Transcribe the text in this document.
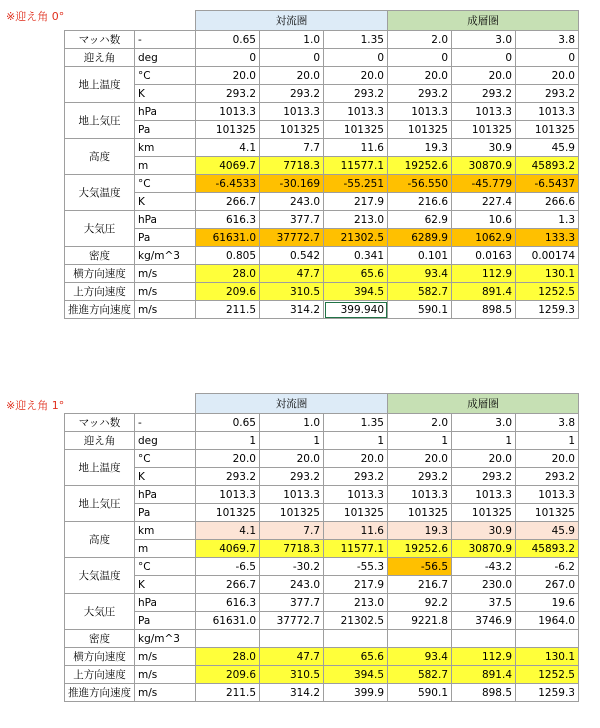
※迎え角 0°
			対流圏			成層圏		
マッハ数	-	0.65	1.0	1.35	2.0	3.0	3.8
迎え角	deg	0	0	0	0	0	0
地上温度	°C	20.0	20.0	20.0	20.0	20.0	20.0
	K	293.2	293.2	293.2	293.2	293.2	293.2
地上気圧	hPa	1013.3	1013.3	1013.3	1013.3	1013.3	1013.3
	Pa	101325	101325	101325	101325	101325	101325
高度	km	4.1	7.7	11.6	19.3	30.9	45.9
	m	4069.7	7718.3	11577.1	19252.6	30870.9	45893.2
大気温度	°C	-6.4533	-30.169	-55.251	-56.550	-45.779	-6.5437
	K	266.7	243.0	217.9	216.6	227.4	266.6
大気圧	hPa	616.3	377.7	213.0	62.9	10.6	1.3
	Pa	61631.0	37772.7	21302.5	6289.9	1062.9	133.3
密度	kg/m^3	0.805	0.542	0.341	0.101	0.0163	0.00174
横方向速度	m/s	28.0	47.7	65.6	93.4	112.9	130.1
上方向速度	m/s	209.6	310.5	394.5	582.7	891.4	1252.5
推進方向速度	m/s	211.5	314.2	399.940	590.1	898.5	1259.3
※迎え角 1°
			対流圏			成層圏		
マッハ数	-	0.65	1.0	1.35	2.0	3.0	3.8
迎え角	deg	1	1	1	1	1	1
地上温度	°C	20.0	20.0	20.0	20.0	20.0	20.0
	K	293.2	293.2	293.2	293.2	293.2	293.2
地上気圧	hPa	1013.3	1013.3	1013.3	1013.3	1013.3	1013.3
	Pa	101325	101325	101325	101325	101325	101325
高度	km	4.1	7.7	11.6	19.3	30.9	45.9
	m	4069.7	7718.3	11577.1	19252.6	30870.9	45893.2
大気温度	°C	-6.5	-30.2	-55.3	-56.5	-43.2	-6.2
	K	266.7	243.0	217.9	216.7	230.0	267.0
大気圧	hPa	616.3	377.7	213.0	92.2	37.5	19.6
	Pa	61631.0	37772.7	21302.5	9221.8	3746.9	1964.0
密度	kg/m^3						
横方向速度	m/s	28.0	47.7	65.6	93.4	112.9	130.1
上方向速度	m/s	209.6	310.5	394.5	582.7	891.4	1252.5
推進方向速度	m/s	211.5	314.2	399.9	590.1	898.5	1259.3
